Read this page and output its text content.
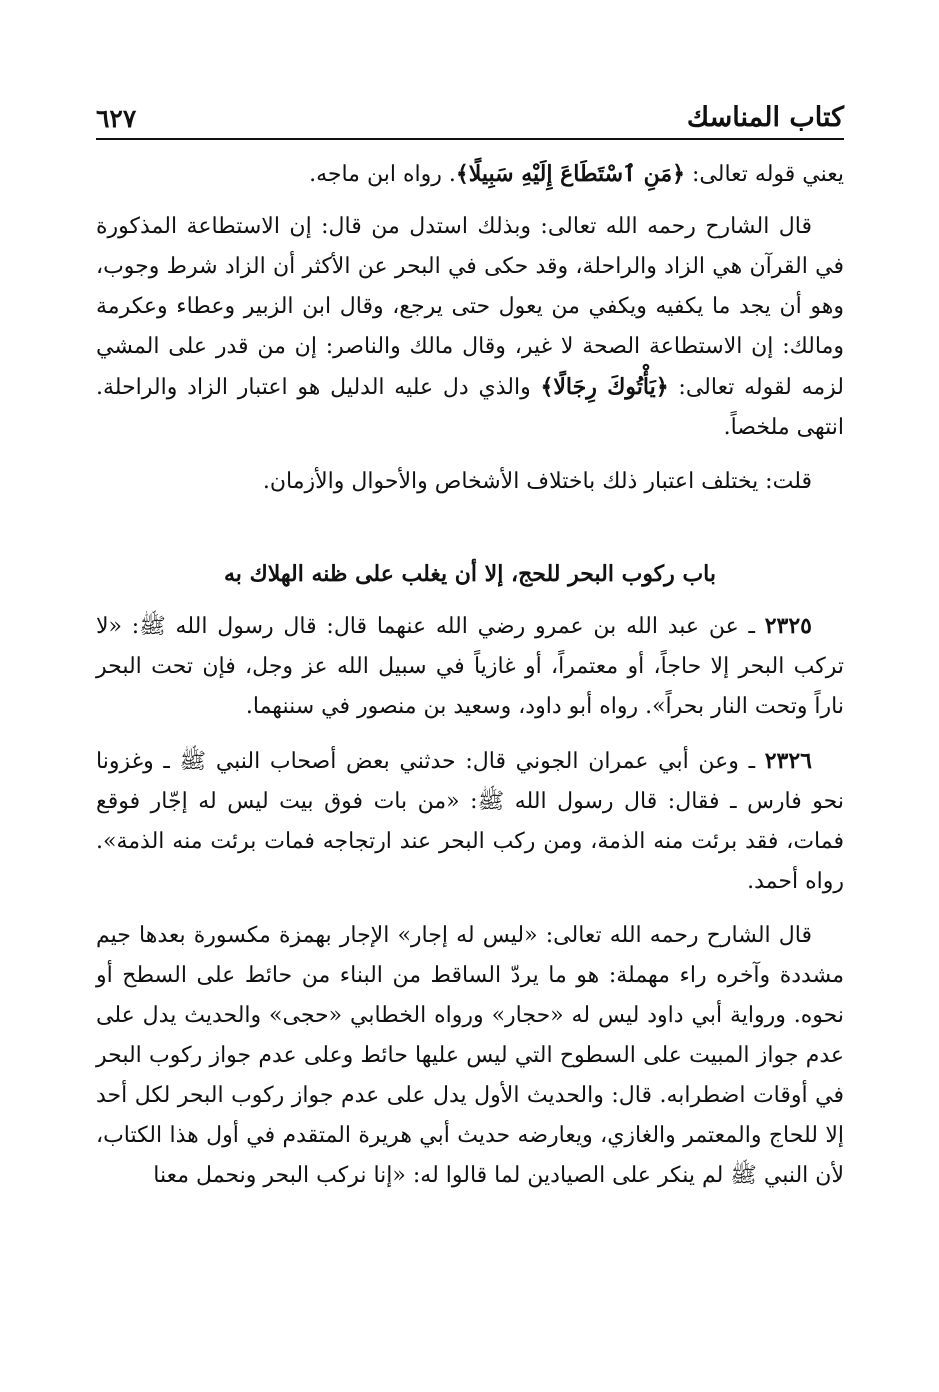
كتاب المناسك
٦٢٧

يعني قوله تعالى: ﴿مَنِ ٱسْتَطَاعَ إِلَيْهِ سَبِيلًا﴾. رواه ابن ماجه.

قال الشارح رحمه الله تعالى: وبذلك استدل من قال: إن الاستطاعة المذكورة في القرآن هي الزاد والراحلة، وقد حكى في البحر عن الأكثر أن الزاد شرط وجوب، وهو أن يجد ما يكفيه ويكفي من يعول حتى يرجع، وقال ابن الزبير وعطاء وعكرمة ومالك: إن الاستطاعة الصحة لا غير، وقال مالك والناصر: إن من قدر على المشي لزمه لقوله تعالى: ﴿يَأْتُوكَ رِجَالًا﴾ والذي دل عليه الدليل هو اعتبار الزاد والراحلة. انتهى ملخصاً.

قلت: يختلف اعتبار ذلك باختلاف الأشخاص والأحوال والأزمان.

باب ركوب البحر للحج، إلا أن يغلب على ظنه الهلاك به

٢٣٢٥ ـ عن عبد الله بن عمرو رضي الله عنهما قال: قال رسول الله ﷺ: «لا تركب البحر إلا حاجاً، أو معتمراً، أو غازياً في سبيل الله عز وجل، فإن تحت البحر ناراً وتحت النار بحراً». رواه أبو داود، وسعيد بن منصور في سننهما.

٢٣٢٦ ـ وعن أبي عمران الجوني قال: حدثني بعض أصحاب النبي ﷺ ـ وغزونا نحو فارس ـ فقال: قال رسول الله ﷺ: «من بات فوق بيت ليس له إجّار فوقع فمات، فقد برئت منه الذمة، ومن ركب البحر عند ارتجاجه فمات برئت منه الذمة». رواه أحمد.

قال الشارح رحمه الله تعالى: «ليس له إجار» الإجار بهمزة مكسورة بعدها جيم مشددة وآخره راء مهملة: هو ما يردّ الساقط من البناء من حائط على السطح أو نحوه. ورواية أبي داود ليس له «حجار» ورواه الخطابي «حجى» والحديث يدل على عدم جواز المبيت على السطوح التي ليس عليها حائط وعلى عدم جواز ركوب البحر في أوقات اضطرابه. قال: والحديث الأول يدل على عدم جواز ركوب البحر لكل أحد إلا للحاج والمعتمر والغازي، ويعارضه حديث أبي هريرة المتقدم في أول هذا الكتاب، لأن النبي ﷺ لم ينكر على الصيادين لما قالوا له: «إنا نركب البحر ونحمل معنا
